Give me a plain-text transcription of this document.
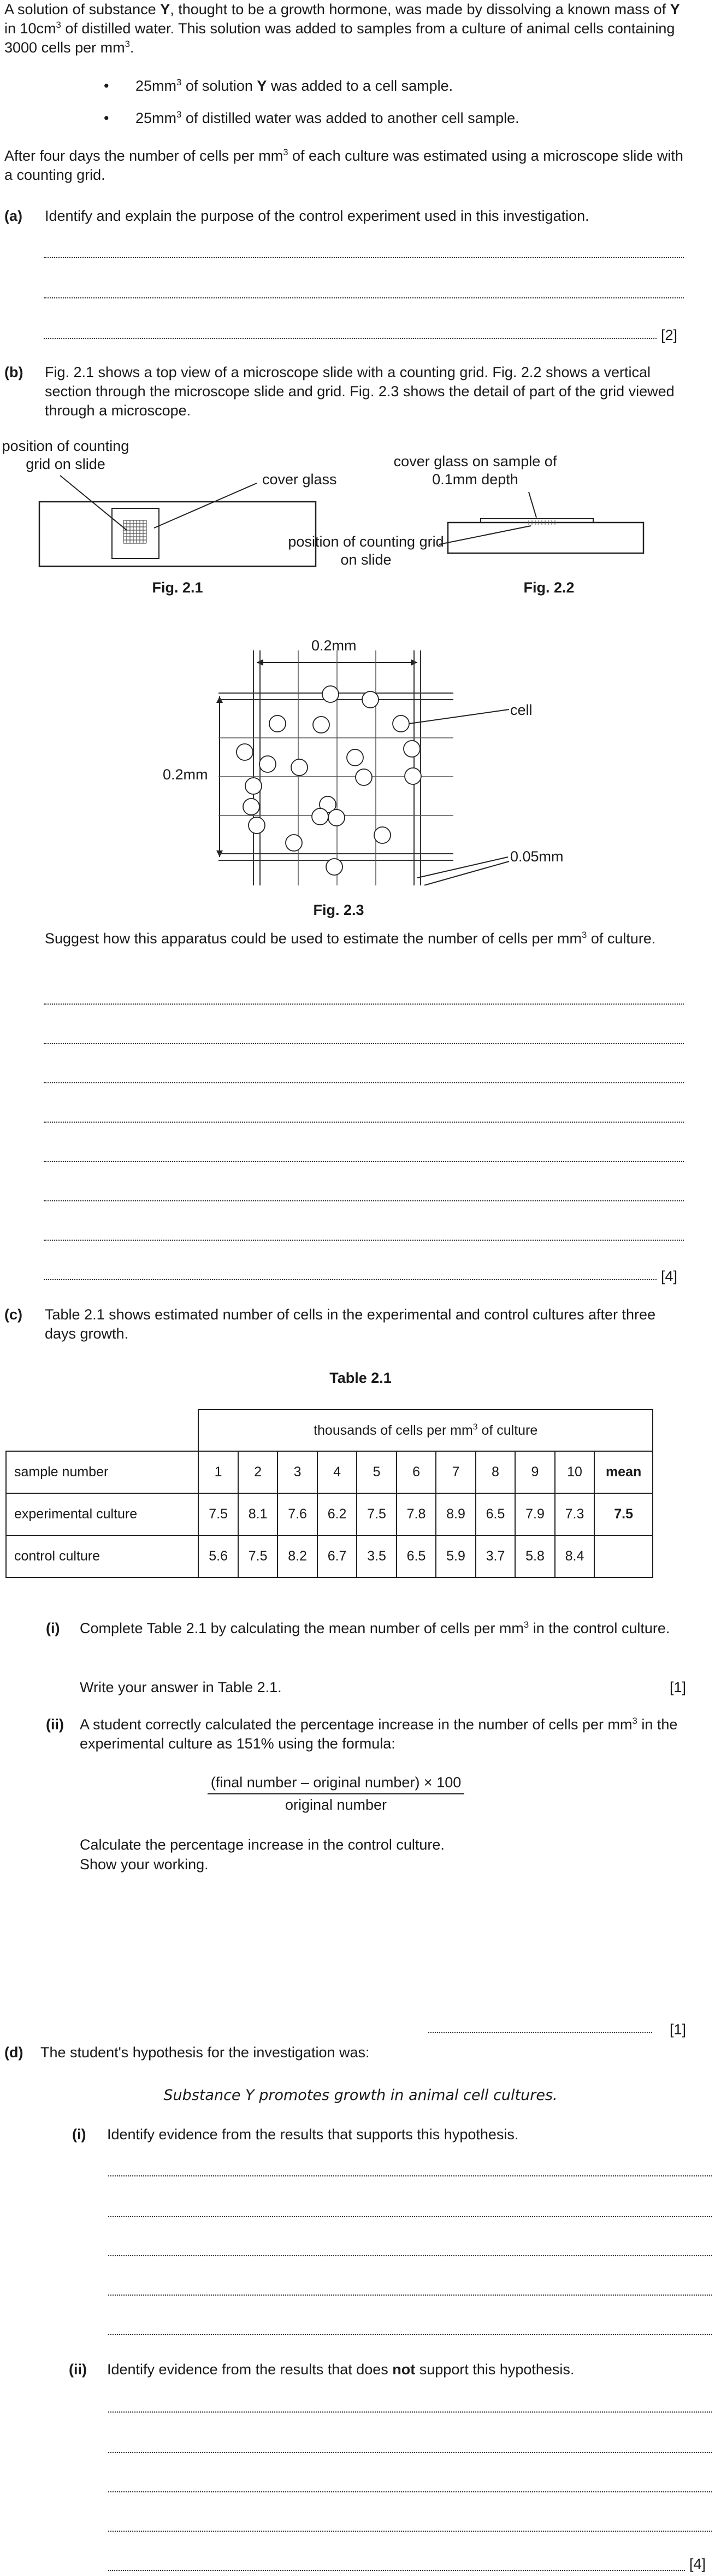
A solution of substance Y, thought to be a growth hormone, was made by dissolving a known mass of Y in $10cm^3$ of distilled water. This solution was added to samples from a culture of animal cells containing 3000 cells per $mm^3$.

• $25mm^3$ of solution Y was added to a cell sample.
• $25mm^3$ of distilled water was added to another cell sample.

After four days the number of cells per $mm^3$ of each culture was estimated using a microscope slide with a counting grid.

(a) Identify and explain the purpose of the control experiment used in this investigation.
[2]
(b) Fig. 2.1 shows a top view of a microscope slide with a counting grid. Fig. 2.2 shows a vertical section through the microscope slide and grid. Fig. 2.3 shows the detail of part of the grid viewed through a microscope.
position of counting grid on slide
cover glass
Fig. 2.1
cover glass on sample of 0.1mm depth
position of counting grid on slide
Fig. 2.2
0.2mm
0.2mm
cell
0.05mm
Fig. 2.3

Suggest how this apparatus could be used to estimate the number of cells per $mm^3$ of culture.

[4]
(c) Table 2.1 shows estimated number of cells in the experimental and control cultures after three days growth.
Table 2.1
	thousands of cells per $mm^3$ of culture										
sample number	1	2	3	4	5	6	7	8	9	10	mean
experimental culture	7.5	8.1	7.6	6.2	7.5	7.8	8.9	6.5	7.9	7.3	7.5
control culture	5.6	7.5	8.2	6.7	3.5	6.5	5.9	3.7	5.8	8.4	
(i) Complete Table 2.1 by calculating the mean number of cells per $mm^3$ in the control culture.

Write your answer in Table 2.1.	[1]
(ii) A student correctly calculated the percentage increase in the number of cells per $mm^3$ in the experimental culture as 151% using the formula:

(final number – original number) × 100
original number
Calculate the percentage increase in the control culture.
Show your working.
[1]
(d) The student's hypothesis for the investigation was:
Substance Y promotes growth in animal cell cultures.
(i) Identify evidence from the results that supports this hypothesis.
(ii) Identify evidence from the results that does not support this hypothesis.

[4]
